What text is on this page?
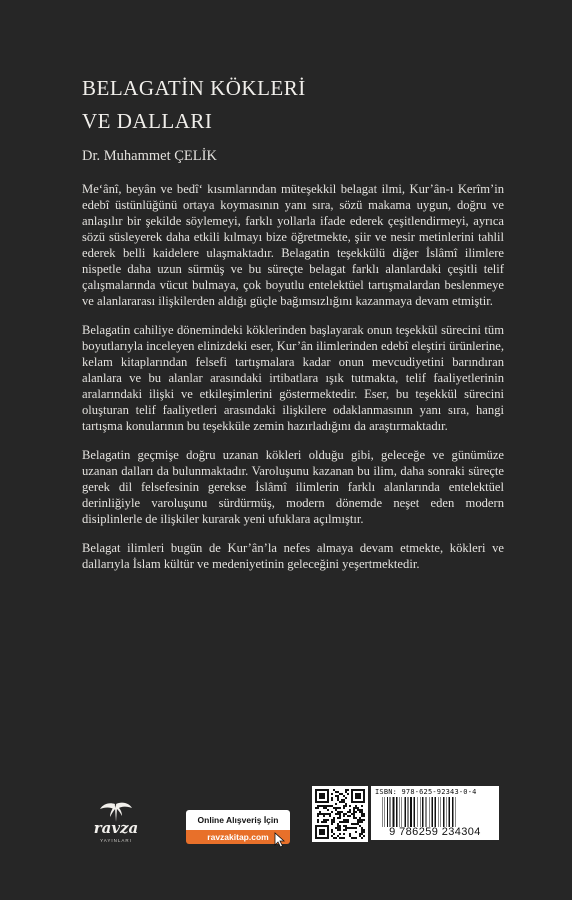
BELAGATİN KÖKLERİ
VE DALLARI
Dr. Muhammet ÇELİK

Me‘ânî, beyân ve bedî‘ kısımlarından müteşekkil belagat ilmi, Kur’ân-ı Kerîm’in edebî üstünlüğünü ortaya koymasının yanı sıra, sözü makama uygun, doğru ve anlaşılır bir şekilde söylemeyi, farklı yollarla ifade ederek çeşitlendirmeyi, ayrıca sözü süsleyerek daha etkili kılmayı bize öğretmekte, şiir ve nesir metinlerini tahlil ederek belli kaidelere ulaşmaktadır. Belagatin teşekkülü diğer İslâmî ilimlere nispetle daha uzun sürmüş ve bu süreçte belagat farklı alanlardaki çeşitli telif çalışmalarında vücut bulmaya, çok boyutlu entelektüel tartışmalardan beslenmeye ve alanlararası ilişkilerden aldığı güçle bağımsızlığını kazanmaya devam etmiştir.

Belagatin cahiliye dönemindeki köklerinden başlayarak onun teşekkül sürecini tüm boyutlarıyla inceleyen elinizdeki eser, Kur’ân ilimlerinden edebî eleştiri ürünlerine, kelam kitaplarından felsefi tartışmalara kadar onun mevcudiyetini barındıran alanlara ve bu alanlar arasındaki irtibatlara ışık tutmakta, telif faaliyetlerinin aralarındaki ilişki ve etkileşimlerini göstermektedir. Eser, bu teşekkül sürecini oluşturan telif faaliyetleri arasındaki ilişkilere odaklanmasının yanı sıra, hangi tartışma konularının bu teşekküle zemin hazırladığını da araştırmaktadır.

Belagatin geçmişe doğru uzanan kökleri olduğu gibi, geleceğe ve günümüze uzanan dalları da bulunmaktadır. Varoluşunu kazanan bu ilim, daha sonraki süreçte gerek dil felsefesinin gerekse İslâmî ilimlerin farklı alanlarında entelektüel derinliğiyle varoluşunu sürdürmüş, modern dönemde neşet eden modern disiplinlerle de ilişkiler kurarak yeni ufuklara açılmıştır.

Belagat ilimleri bugün de Kur’ân’la nefes almaya devam etmekte, kökleri ve dallarıyla İslam kültür ve medeniyetinin geleceğini yeşertmektedir.

ravza
YAYINLARI
Online Alışveriş İçin
ravzakitap.com
ISBN: 978-625-92343-0-4
9 786259 234304
